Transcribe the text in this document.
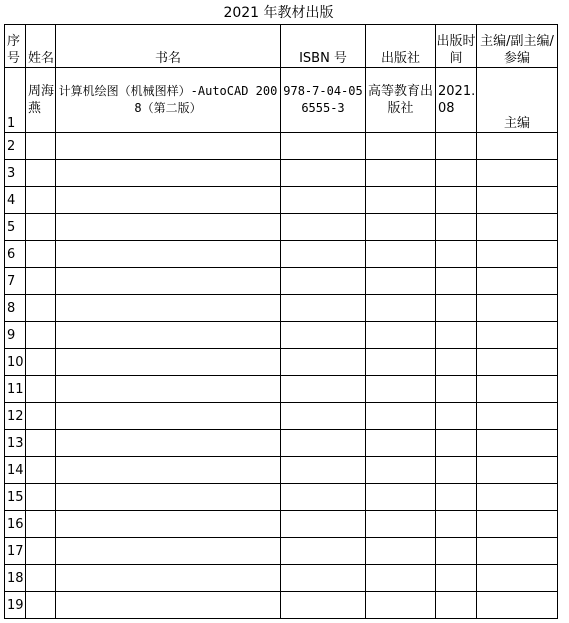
2021 年教材出版
序号	姓名	书名	ISBN 号	出版社	出版时间	主编/副主编/参编
1	周海燕	计算机绘图（机械图样）-AutoCAD 2008（第二版）	978-7-04-056555-3	高等教育出版社	2021.08	主编
2						
3						
4						
5						
6						
7						
8						
9						
10						
11						
12						
13						
14						
15						
16						
17						
18						
19						
